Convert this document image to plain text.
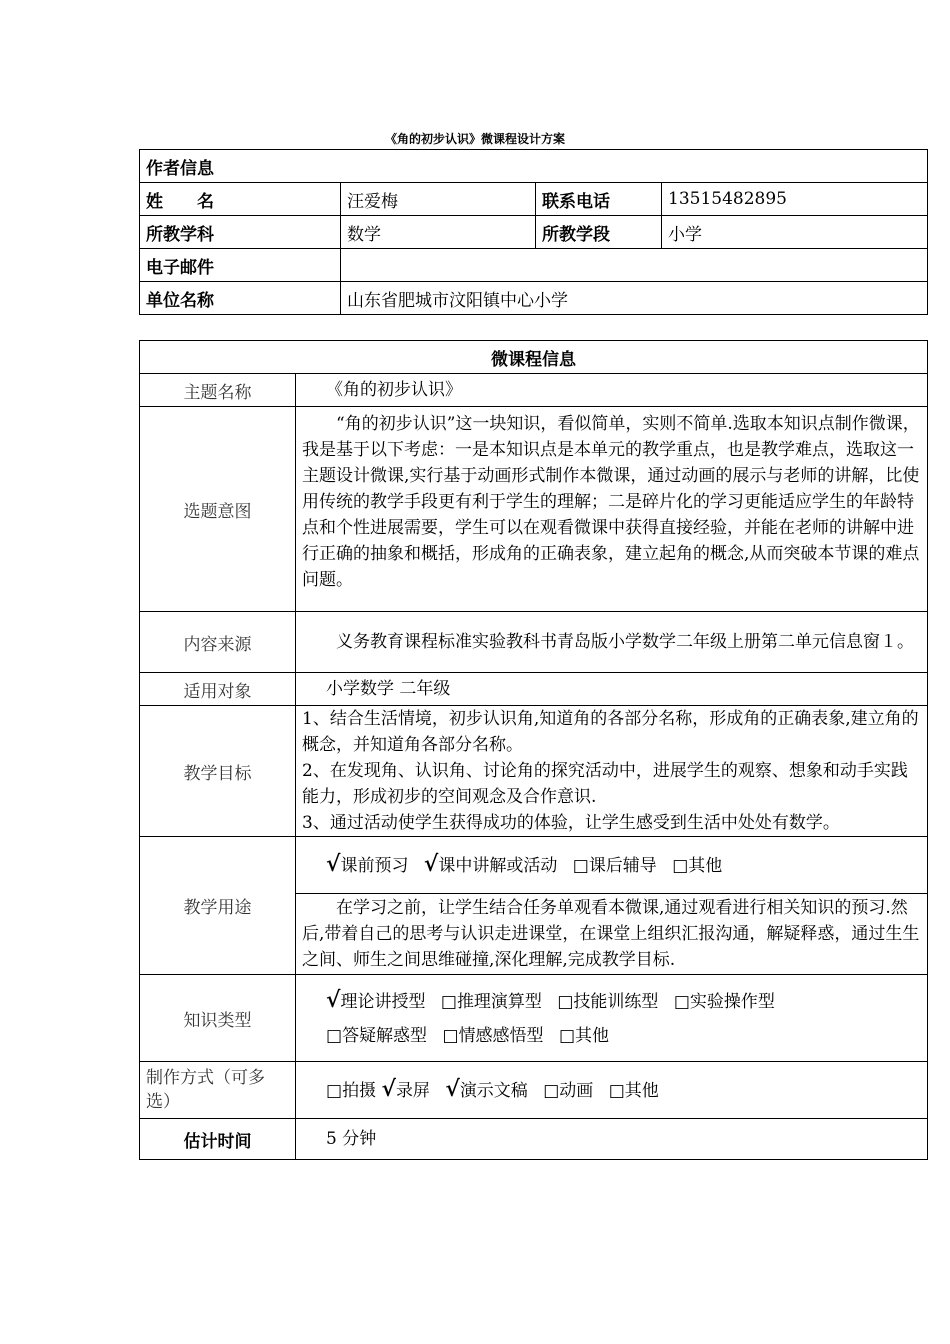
《角的初步认识》微课程设计方案
作者信息			
姓　　名	汪爱梅	联系电话	13515482895
所教学科	数学	所教学段	小学
电子邮件			
单位名称	山东省肥城市汶阳镇中心小学		
微课程信息	
主题名称	《角的初步认识》
选题意图	“角的初步认识”这一块知识，看似简单，实则不简单.选取本知识点制作微课，我是基于以下考虑：一是本知识点是本单元的教学重点，也是教学难点，选取这一主题设计微课,实行基于动画形式制作本微课，通过动画的展示与老师的讲解，比使用传统的教学手段更有利于学生的理解；二是碎片化的学习更能适应学生的年龄特点和个性进展需要，学生可以在观看微课中获得直接经验，并能在老师的讲解中进行正确的抽象和概括，形成角的正确表象，建立起角的概念,从而突破本节课的难点问题。
内容来源	义务教育课程标准实验教科书青岛版小学数学二年级上册第二单元信息窗１。
适用对象	小学数学 二年级
教学目标	1、结合生活情境，初步认识角,知道角的各部分名称，形成角的正确表象,建立角的概念，并知道角各部分名称。
2、在发现角、认识角、讨论角的探究活动中，进展学生的观察、想象和动手实践能力，形成初步的空间观念及合作意识.
3、通过活动使学生获得成功的体验，让学生感受到生活中处处有数学。

教学用途	√课前预习 √课中讲解或活动 □课后辅导 □其他
	在学习之前，让学生结合任务单观看本微课,通过观看进行相关知识的预习.然后,带着自己的思考与认识走进课堂，在课堂上组织汇报沟通，解疑释惑，通过生生之间、师生之间思维碰撞,深化理解,完成教学目标.
知识类型	√理论讲授型 □推理演算型 □技能训练型 □实验操作型
□答疑解惑型 □情感感悟型 □其他

制作方式（可多选）	□拍摄 √录屏 √演示文稿 □动画 □其他
估计时间	5 分钟
